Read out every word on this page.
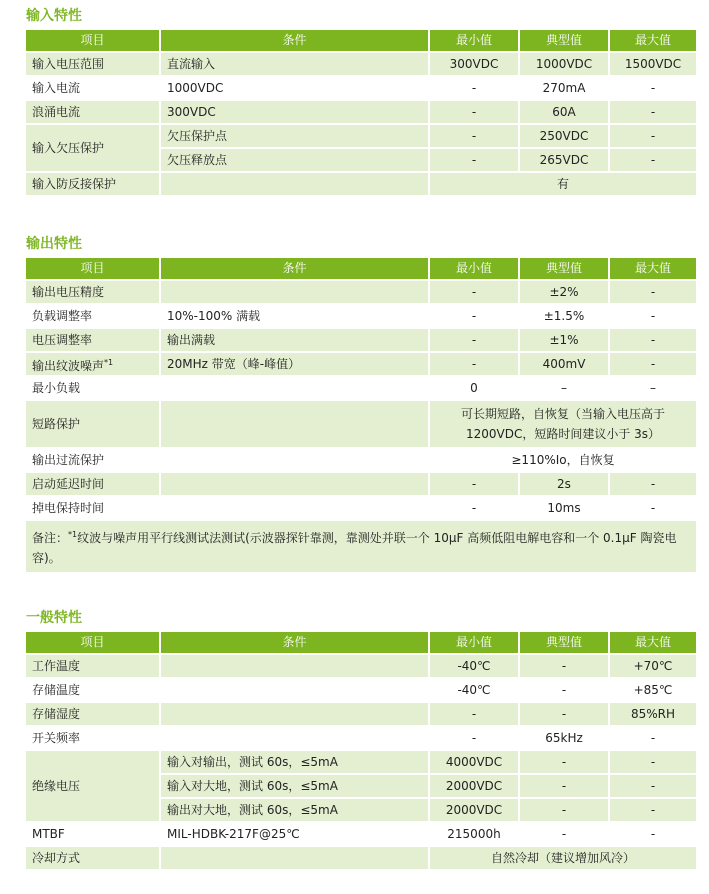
输入特性
项目	条件	最小值	典型值	最大值
输入电压范围	直流输入	300VDC	1000VDC	1500VDC
输入电流	1000VDC	-	270mA	-
浪涌电流	300VDC	-	60A	-
输入欠压保护	欠压保护点	-	250VDC	-
	欠压释放点	-	265VDC	-
输入防反接保护		有		
输出特性
项目	条件	最小值	典型值	最大值
输出电压精度		-	±2%	-
负载调整率	10%-100% 满载	-	±1.5%	-
电压调整率	输出满载	-	±1%	-
输出纹波噪声$^{*1}$	20MHz 带宽（峰-峰值）	-	400mV	-
最小负载		0	–	–
短路保护		可长期短路，自恢复（当输入电压高于1200VDC，短路时间建议小于 3s）		
输出过流保护		≥110%Io，自恢复		
启动延迟时间		-	2s	-
掉电保持时间		-	10ms	-
备注：$^{*1}$纹波与噪声用平行线测试法测试(示波器探针靠测，靠测处并联一个 10μF 高频低阻电解电容和一个 0.1μF 陶瓷电容)。				
一般特性
项目	条件	最小值	典型值	最大值
工作温度		-40℃	-	+70℃
存储温度		-40℃	-	+85℃
存储湿度		-	-	85%RH
开关频率		-	65kHz	-
绝缘电压	输入对输出，测试 60s，≤5mA	4000VDC	-	-
	输入对大地，测试 60s，≤5mA	2000VDC	-	-
	输出对大地，测试 60s，≤5mA	2000VDC	-	-
MTBF	MIL-HDBK-217F@25℃	215000h	-	-
冷却方式		自然冷却（建议增加风冷）		
